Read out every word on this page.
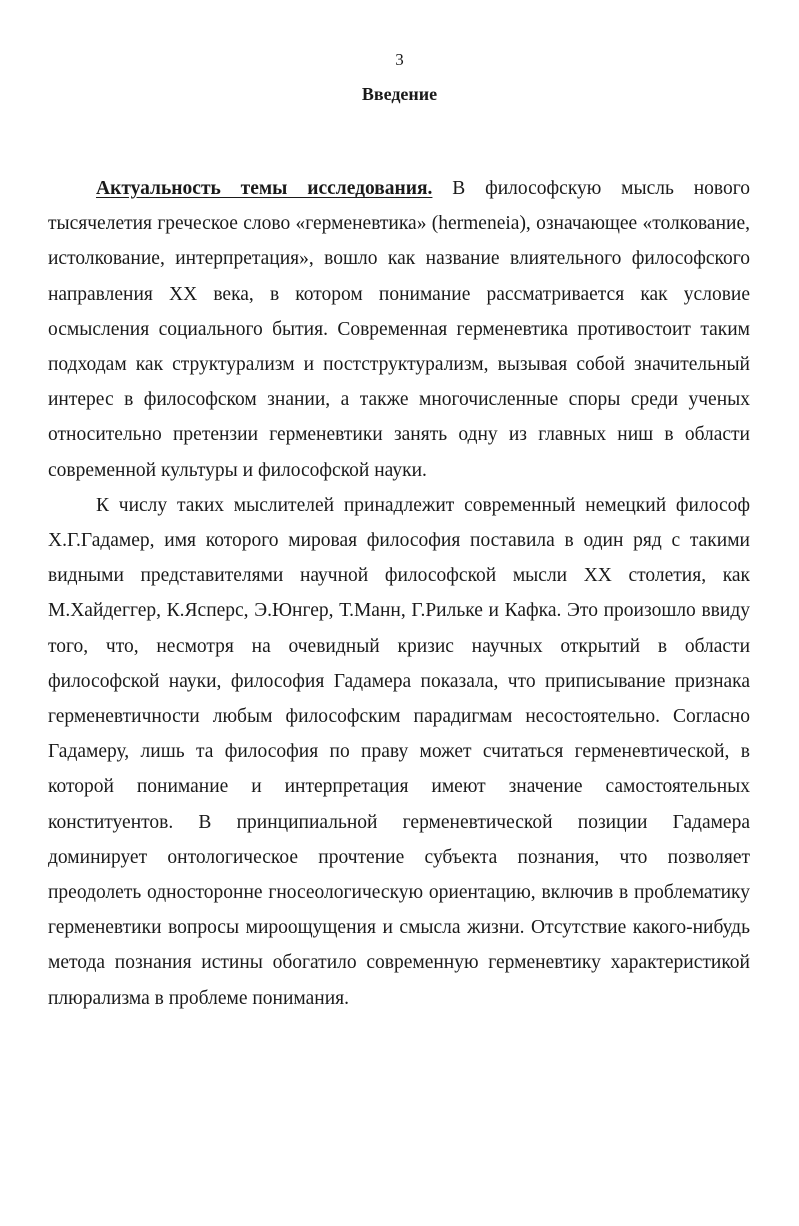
3
Введение

Актуальность темы исследования. В философскую мысль нового тысячелетия греческое слово «герменевтика» (hermeneia), означающее «толкование, истолкование, интерпретация», вошло как название влиятельного философского направления ХХ века, в котором понимание рассматривается как условие осмысления социального бытия. Современная герменевтика противостоит таким подходам как структурализм и постструктурализм, вызывая собой значительный интерес в философском знании, а также многочисленные споры среди ученых относительно претензии герменевтики занять одну из главных ниш в области современной культуры и философской науки.

К числу таких мыслителей принадлежит современный немецкий философ Х.Г.Гадамер, имя которого мировая философия поставила в один ряд с такими видными представителями научной философской мысли ХХ столетия, как М.Хайдеггер, К.Ясперс, Э.Юнгер, Т.Манн, Г.Рильке и Кафка. Это произошло ввиду того, что, несмотря на очевидный кризис научных открытий в области философской науки, философия Гадамера показала, что приписывание признака герменевтичности любым философским парадигмам несостоятельно. Согласно Гадамеру, лишь та философия по праву может считаться герменевтической, в которой понимание и интерпретация имеют значение самостоятельных конституентов. В принципиальной герменевтической позиции Гадамера доминирует онтологическое прочтение субъекта познания, что позволяет преодолеть односторонне гносеологическую ориентацию, включив в проблематику герменевтики вопросы мироощущения и смысла жизни. Отсутствие какого-нибудь метода познания истины обогатило современную герменевтику характеристикой плюрализма в проблеме понимания.
